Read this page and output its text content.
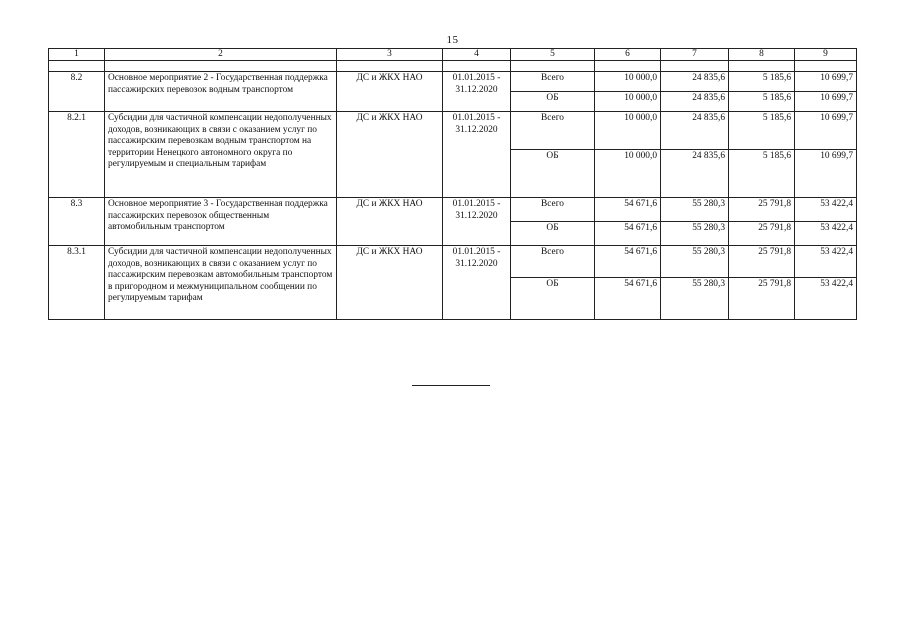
15
1	2	3	4	5	6	7	8	9

8.2	Основное мероприятие 2 - Государственная поддержка пассажирских перевозок водным транспортом	ДС и ЖКХ НАО	01.01.2015 - 31.12.2020	Всего	10 000,0	24 835,6	5 185,6	10 699,7
				ОБ	10 000,0	24 835,6	5 185,6	10 699,7
8.2.1	Субсидии для частичной компенсации недополученных доходов, возникающих в связи с оказанием услуг по пассажирским перевозкам водным транспортом на территории Ненецкого автономного округа по регулируемым и специальным тарифам	ДС и ЖКХ НАО	01.01.2015 - 31.12.2020	Всего	10 000,0	24 835,6	5 185,6	10 699,7
				ОБ	10 000,0	24 835,6	5 185,6	10 699,7
8.3	Основное мероприятие 3 - Государственная поддержка пассажирских перевозок общественным автомобильным транспортом	ДС и ЖКХ НАО	01.01.2015 - 31.12.2020	Всего	54 671,6	55 280,3	25 791,8	53 422,4
				ОБ	54 671,6	55 280,3	25 791,8	53 422,4
8.3.1	Субсидии для частичной компенсации недополученных доходов, возникающих в связи с оказанием услуг по пассажирским перевозкам автомобильным транспортом в пригородном и межмуниципальном сообщении по регулируемым тарифам	ДС и ЖКХ НАО	01.01.2015 - 31.12.2020	Всего	54 671,6	55 280,3	25 791,8	53 422,4
				ОБ	54 671,6	55 280,3	25 791,8	53 422,4
